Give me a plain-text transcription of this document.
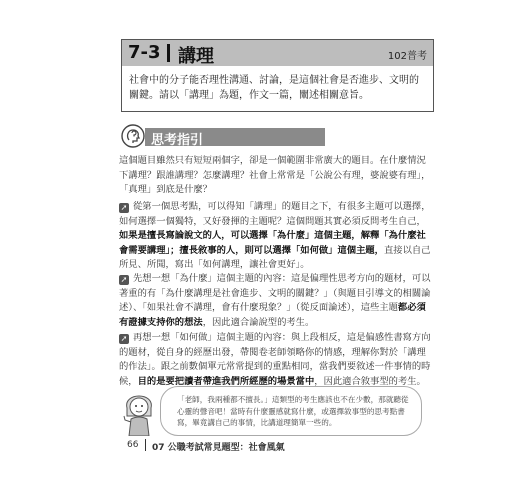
7-3 講理	102普考
社會中的分子能否理性溝通、討論，是這個社會是否進步、文明的關鍵。請以「講理」為題，作文一篇，闡述相關意旨。
思考指引
這個題目雖然只有短短兩個字，卻是一個範圍非常廣大的題目。在什麼情況下講理？跟誰講理？怎麼講理？社會上常常是「公說公有理，婆說婆有理」，「真理」到底是什麼？
➚ 從第一個思考點，可以得知「講理」的題目之下，有很多主題可以選擇，如何選擇一個獨特，又好發揮的主題呢？這個問題其實必須反問考生自己，如果是擅長寫論說文的人，可以選擇「為什麼」這個主題，解釋「為什麼社會需要講理」；擅長敘事的人，則可以選擇「如何做」這個主題，直接以自己所見、所聞，寫出「如何講理，讓社會更好」。
➚ 先想一想「為什麼」這個主題的內容：這是偏理性思考方向的題材，可以著重的有「為什麼講理是社會進步、文明的關鍵？」（與題目引導文的相關論述）、「如果社會不講理，會有什麼現象？」（從反面論述），這些主題都必須有證據支持你的想法，因此適合論說型的考生。
➚ 再想一想「如何做」這個主題的內容：與上段相反，這是偏感性書寫方向的題材，從自身的經歷出發，帶閱卷老師領略你的情感，理解你對於「講理的作法」。跟之前數個單元常常提到的重點相同，當我們要敘述一件事情的時候，目的是要把讀者帶進我們所經歷的場景當中，因此適合敘事型的考生。
「老師，我兩種都不擅長。」這類型的考生應該也不在少數，那就聽從心靈的聲音吧！當時有什麼靈感就寫什麼，或選擇敘事型的思考點書寫，畢竟講自己的事情，比講道理簡單一些的。
66 07 公職考試常見題型：社會風氣
